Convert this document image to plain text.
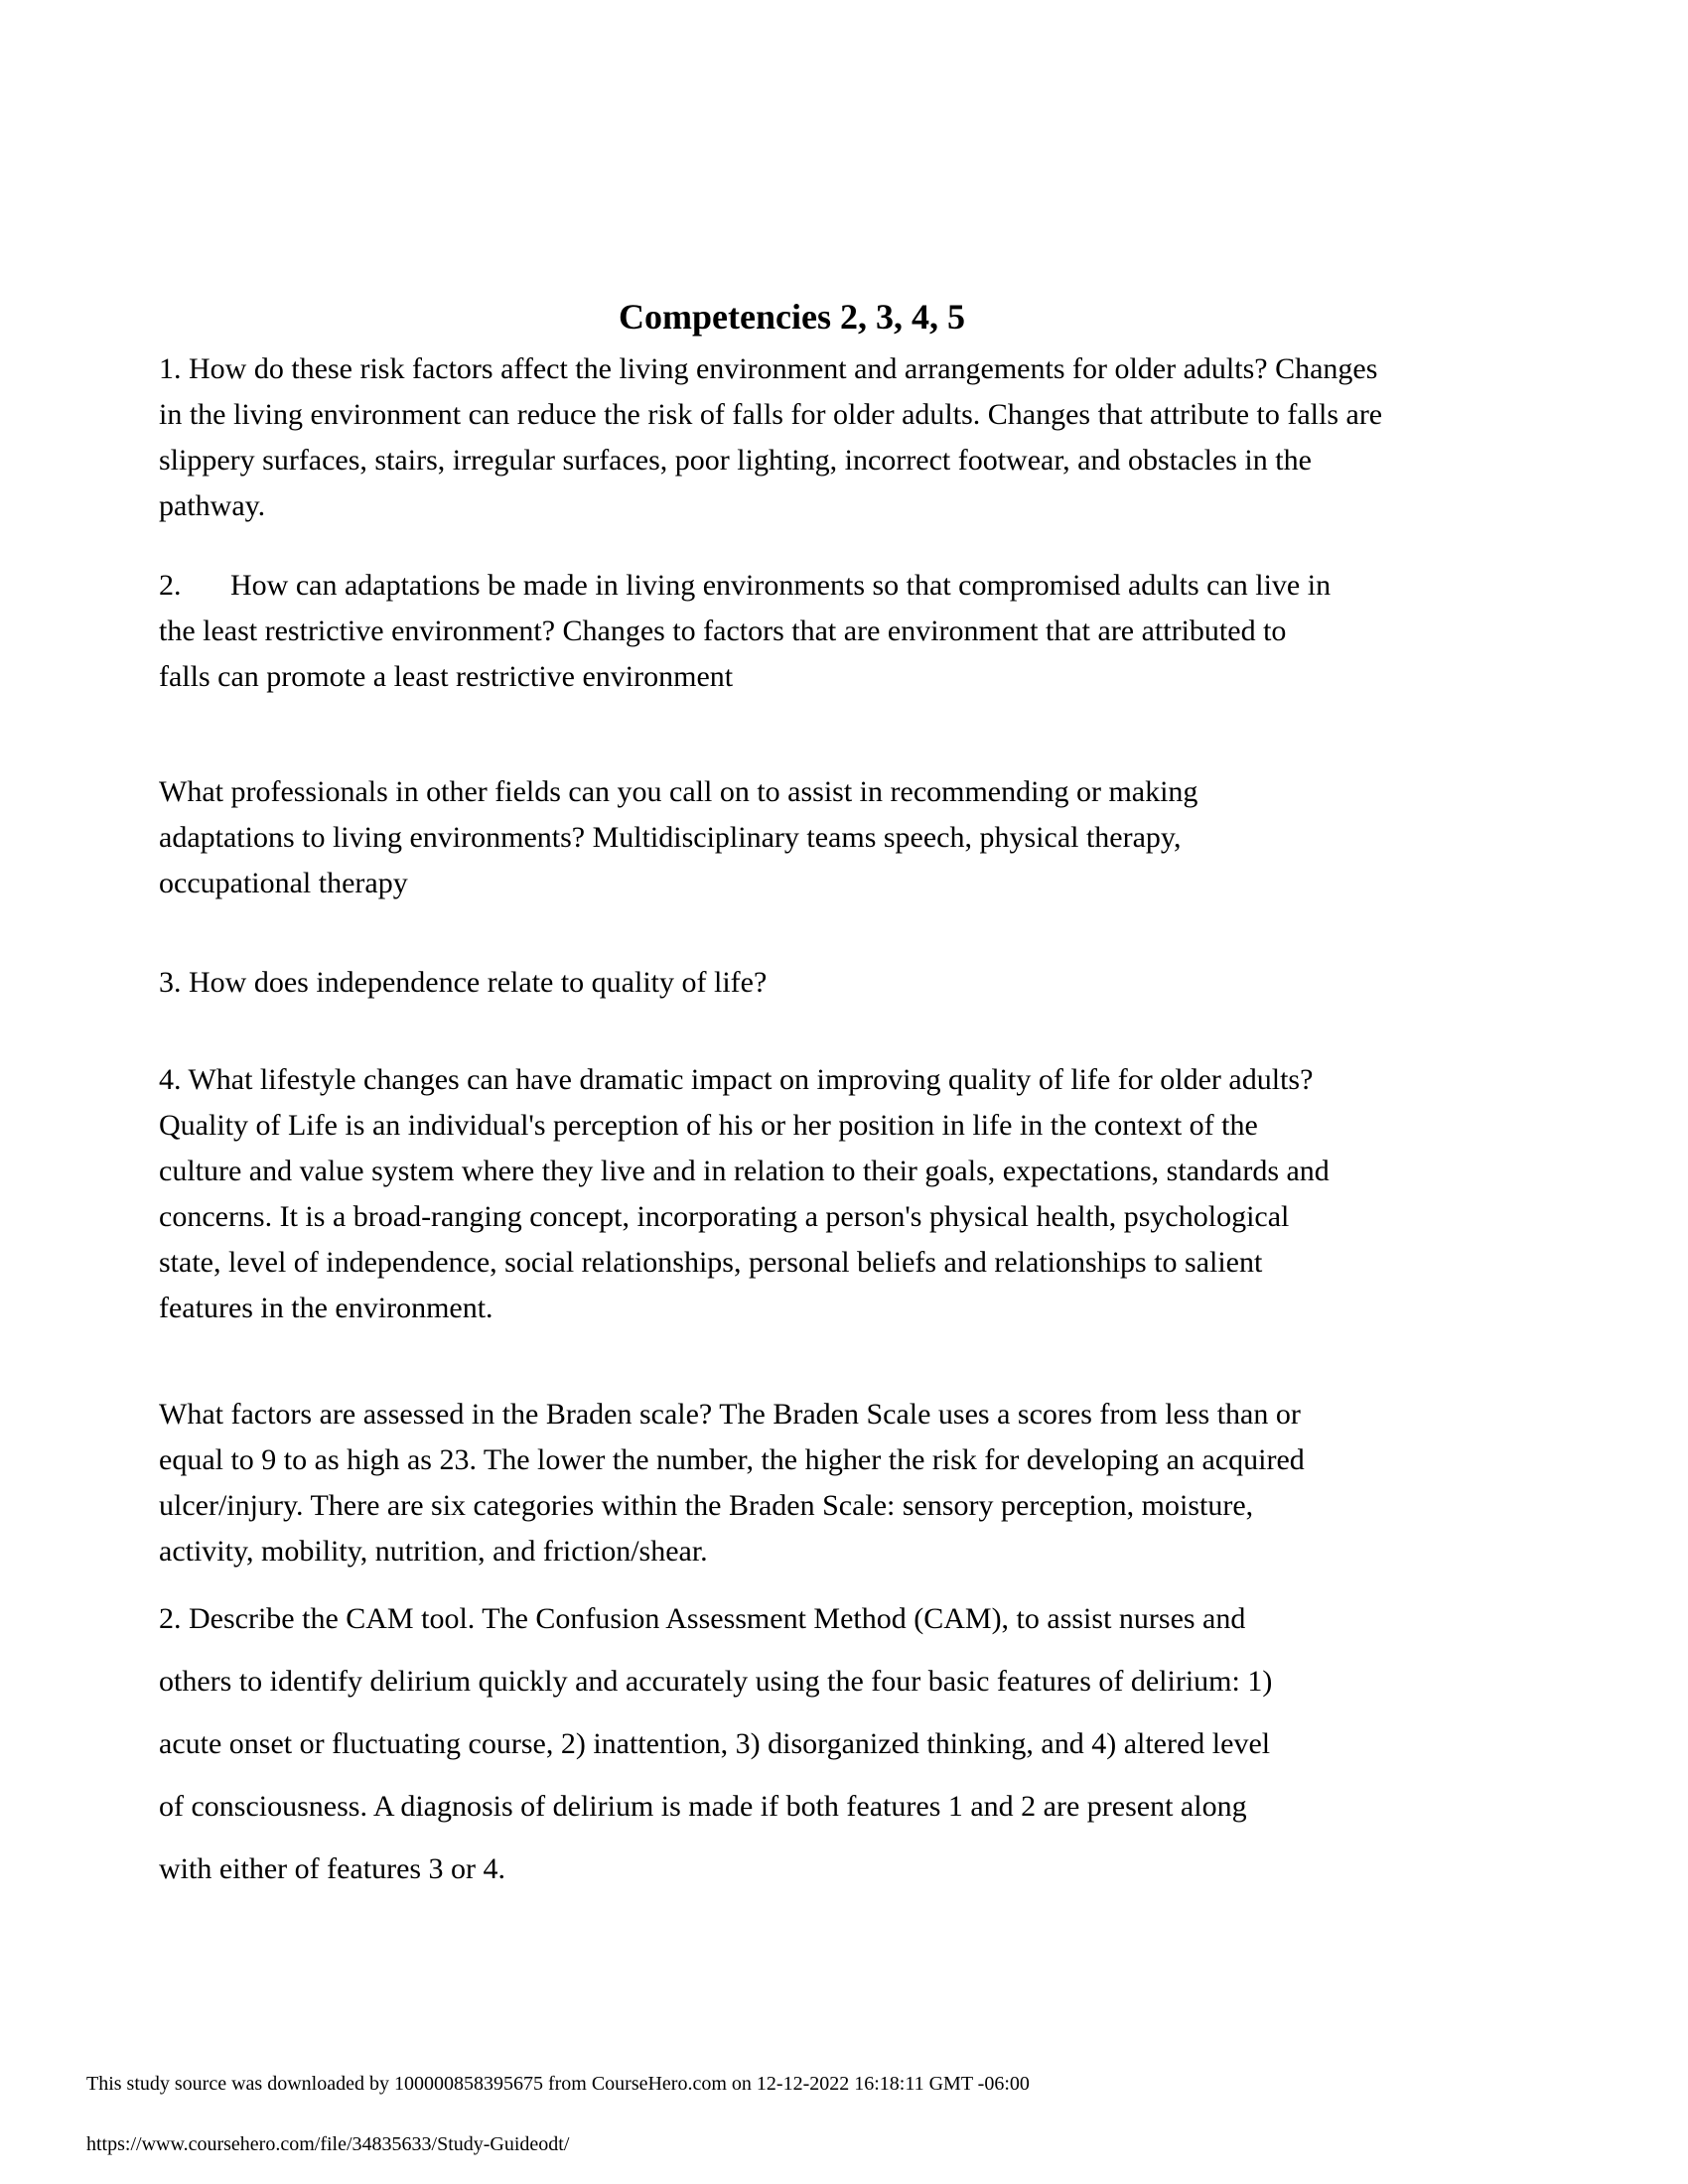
Competencies 2, 3, 4, 5
1. How do these risk factors affect the living environment and arrangements for older adults? Changes
in the living environment can reduce the risk of falls for older adults. Changes that attribute to falls are
slippery surfaces, stairs, irregular surfaces, poor lighting, incorrect footwear, and obstacles in the
pathway.
2. How can adaptations be made in living environments so that compromised adults can live in
the least restrictive environment? Changes to factors that are environment that are attributed to
falls can promote a least restrictive environment
What professionals in other fields can you call on to assist in recommending or making
adaptations to living environments? Multidisciplinary teams speech, physical therapy,
occupational therapy
3. How does independence relate to quality of life?
4. What lifestyle changes can have dramatic impact on improving quality of life for older adults?
Quality of Life is an individual's perception of his or her position in life in the context of the
culture and value system where they live and in relation to their goals, expectations, standards and
concerns. It is a broad-ranging concept, incorporating a person's physical health, psychological
state, level of independence, social relationships, personal beliefs and relationships to salient
features in the environment.
What factors are assessed in the Braden scale? The Braden Scale uses a scores from less than or
equal to 9 to as high as 23. The lower the number, the higher the risk for developing an acquired
ulcer/injury. There are six categories within the Braden Scale: sensory perception, moisture,
activity, mobility, nutrition, and friction/shear.
2. Describe the CAM tool. The Confusion Assessment Method (CAM), to assist nurses and
others to identify delirium quickly and accurately using the four basic features of delirium: 1)
acute onset or fluctuating course, 2) inattention, 3) disorganized thinking, and 4) altered level
of consciousness. A diagnosis of delirium is made if both features 1 and 2 are present along
with either of features 3 or 4.
This study source was downloaded by 100000858395675 from CourseHero.com on 12-12-2022 16:18:11 GMT -06:00
https://www.coursehero.com/file/34835633/Study-Guideodt/
